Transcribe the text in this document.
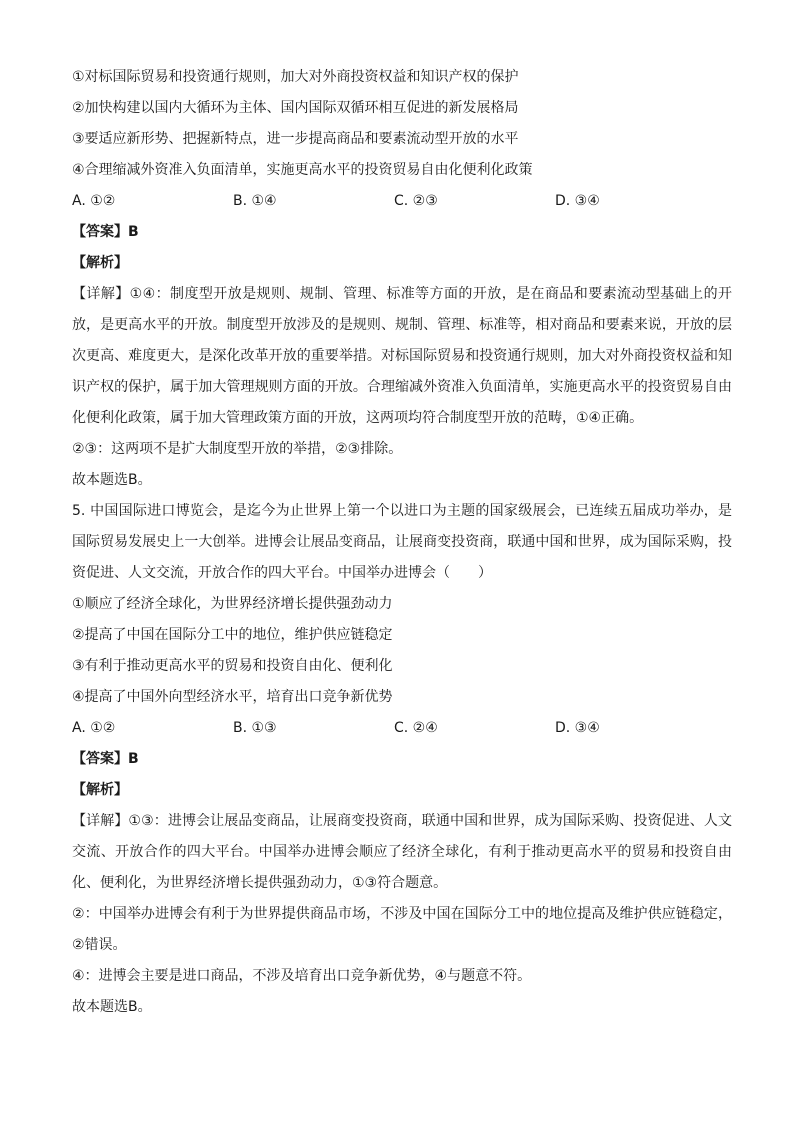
①对标国际贸易和投资通行规则，加大对外商投资权益和知识产权的保护
②加快构建以国内大循环为主体、国内国际双循环相互促进的新发展格局
③要适应新形势、把握新特点，进一步提高商品和要素流动型开放的水平
④合理缩减外资准入负面清单，实施更高水平的投资贸易自由化便利化政策
A. ①②	B. ①④	C. ②③	D. ③④
【答案】B
【解析】
【详解】①④：制度型开放是规则、规制、管理、标准等方面的开放，是在商品和要素流动型基础上的开放，是更高水平的开放。制度型开放涉及的是规则、规制、管理、标准等，相对商品和要素来说，开放的层次更高、难度更大，是深化改革开放的重要举措。对标国际贸易和投资通行规则，加大对外商投资权益和知识产权的保护，属于加大管理规则方面的开放。合理缩减外资准入负面清单，实施更高水平的投资贸易自由化便利化政策，属于加大管理政策方面的开放，这两项均符合制度型开放的范畴，①④正确。
②③：这两项不是扩大制度型开放的举措，②③排除。
故本题选B。
5. 中国国际进口博览会，是迄今为止世界上第一个以进口为主题的国家级展会，已连续五届成功举办，是国际贸易发展史上一大创举。进博会让展品变商品，让展商变投资商，联通中国和世界，成为国际采购，投资促进、人文交流，开放合作的四大平台。中国举办进博会（　　）
①顺应了经济全球化，为世界经济增长提供强劲动力
②提高了中国在国际分工中的地位，维护供应链稳定
③有利于推动更高水平的贸易和投资自由化、便利化
④提高了中国外向型经济水平，培育出口竞争新优势
A. ①②	B. ①③	C. ②④	D. ③④
【答案】B
【解析】
【详解】①③：进博会让展品变商品，让展商变投资商，联通中国和世界，成为国际采购、投资促进、人文交流、开放合作的四大平台。中国举办进博会顺应了经济全球化，有利于推动更高水平的贸易和投资自由化、便利化，为世界经济增长提供强劲动力，①③符合题意。
②：中国举办进博会有利于为世界提供商品市场，不涉及中国在国际分工中的地位提高及维护供应链稳定，②错误。
④：进博会主要是进口商品，不涉及培育出口竞争新优势，④与题意不符。
故本题选B。
